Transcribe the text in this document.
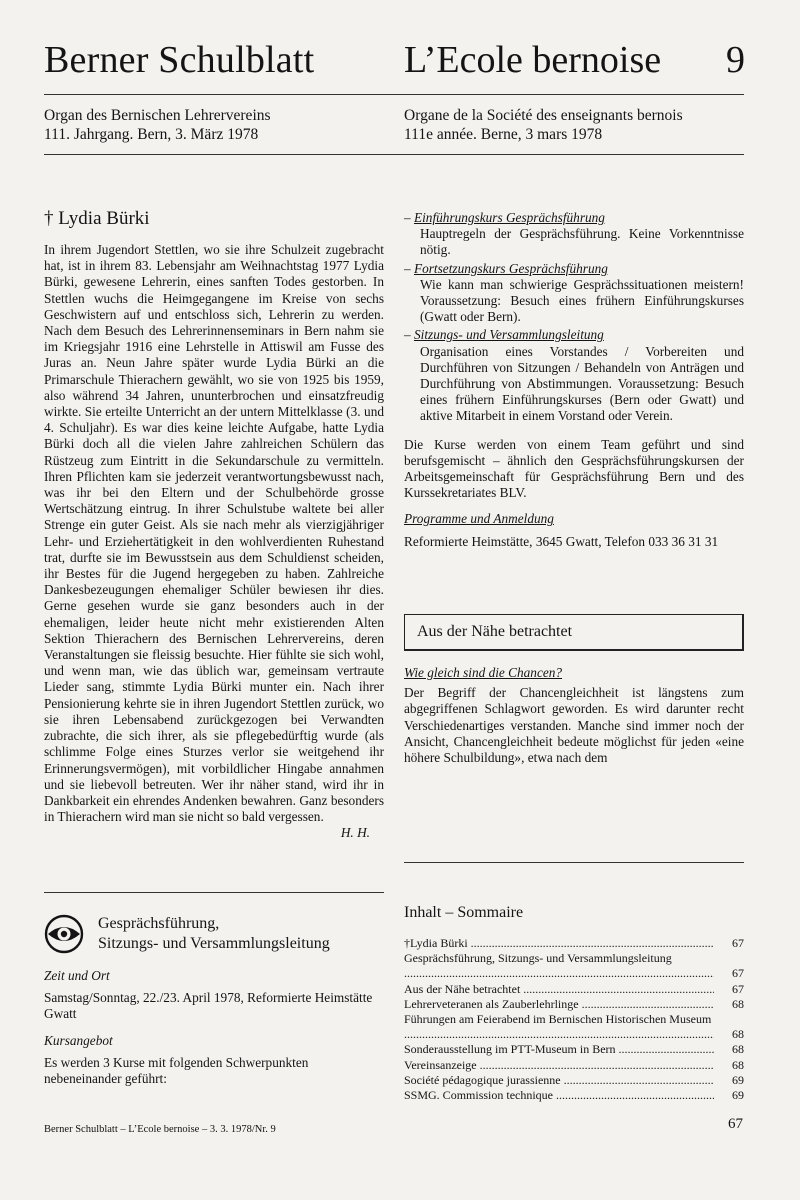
Berner Schulblatt L’Ecole bernoise 9
Organ des Bernischen Lehrervereins
111. Jahrgang. Bern, 3. März 1978
Organe de la Société des enseignants bernois
111e année. Berne, 3 mars 1978
† Lydia Bürki

In ihrem Jugendort Stettlen, wo sie ihre Schulzeit zugebracht hat, ist in ihrem 83. Lebensjahr am Weihnachtstag 1977 Lydia Bürki, gewesene Lehrerin, eines sanften Todes gestorben. In Stettlen wuchs die Heimgegangene im Kreise von sechs Geschwistern auf und entschloss sich, Lehrerin zu werden. Nach dem Besuch des Lehrerinnenseminars in Bern nahm sie im Kriegsjahr 1916 eine Lehrstelle in Attiswil am Fusse des Juras an. Neun Jahre später wurde Lydia Bürki an die Primarschule Thierachern gewählt, wo sie von 1925 bis 1959, also während 34 Jahren, ununterbrochen und einsatzfreudig wirkte. Sie erteilte Unterricht an der untern Mittelklasse (3. und 4. Schuljahr). Es war dies keine leichte Aufgabe, hatte Lydia Bürki doch all die vielen Jahre zahlreichen Schülern das Rüstzeug zum Eintritt in die Sekundarschule zu vermitteln. Ihren Pflichten kam sie jederzeit verantwortungsbewusst nach, was ihr bei den Eltern und der Schulbehörde grosse Wertschätzung eintrug. In ihrer Schulstube waltete bei aller Strenge ein guter Geist. Als sie nach mehr als vierzigjähriger Lehr- und Erziehertätigkeit in den wohlverdienten Ruhestand trat, durfte sie im Bewusstsein aus dem Schuldienst scheiden, ihr Bestes für die Jugend hergegeben zu haben. Zahlreiche Dankesbezeugungen ehemaliger Schüler bewiesen ihr dies. Gerne gesehen wurde sie ganz besonders auch in der ehemaligen, leider heute nicht mehr existierenden Alten Sektion Thierachern des Bernischen Lehrervereins, deren Veranstaltungen sie fleissig besuchte. Hier fühlte sie sich wohl, und wenn man, wie das üblich war, gemeinsam vertraute Lieder sang, stimmte Lydia Bürki munter ein. Nach ihrer Pensionierung kehrte sie in ihren Jugendort Stettlen zurück, wo sie ihren Lebensabend zurückgezogen bei Verwandten zubrachte, die sich ihrer, als sie pflegebedürftig wurde (als schlimme Folge eines Sturzes verlor sie weitgehend ihr Erinnerungsvermögen), mit vorbildlicher Hingabe annahmen und sie liebevoll betreuten. Wer ihr näher stand, wird ihr in Dankbarkeit ein ehrendes Andenken bewahren. Ganz besonders in Thierachern wird man sie nicht so bald vergessen.

H. H.
Gesprächsführung,
Sitzungs- und Versammlungsleitung
Zeit und Ort

Samstag/Sonntag, 22./23. April 1978, Reformierte Heimstätte Gwatt

Kursangebot

Es werden 3 Kurse mit folgenden Schwerpunkten nebeneinander geführt:

– Einführungskurs Gesprächsführung
Hauptregeln der Gesprächsführung. Keine Vorkenntnisse nötig.
– Fortsetzungskurs Gesprächsführung
Wie kann man schwierige Gesprächssituationen meistern! Voraussetzung: Besuch eines frühern Einführungskurses (Gwatt oder Bern).
– Sitzungs- und Versammlungsleitung
Organisation eines Vorstandes / Vorbereiten und Durchführen von Sitzungen / Behandeln von Anträgen und Durchführung von Abstimmungen. Voraussetzung: Besuch eines frühern Einführungskurses (Bern oder Gwatt) und aktive Mitarbeit in einem Vorstand oder Verein.

Die Kurse werden von einem Team geführt und sind berufsgemischt – ähnlich den Gesprächsführungskursen der Arbeitsgemeinschaft für Gesprächsführung Bern und des Kurssekretariates BLV.

Programme und Anmeldung

Reformierte Heimstätte, 3645 Gwatt, Telefon 033 36 31 31

Aus der Nähe betrachtet
Wie gleich sind die Chancen?

Der Begriff der Chancengleichheit ist längstens zum abgegriffenen Schlagwort geworden. Es wird darunter recht Verschiedenartiges verstanden. Manche sind immer noch der Ansicht, Chancengleichheit bedeute möglichst für jeden «eine höhere Schulbildung», etwa nach dem

Inhalt – Sommaire
†Lydia Bürki .....	67
Gesprächsführung, Sitzungs- und Versammlungsleitung .....
67
Aus der Nähe betrachtet .....	67
Lehrerveteranen als Zauberlehrlinge .....	68
Führungen am Feierabend im Bernischen Historischen Museum .....
68
Sonderausstellung im PTT-Museum in Bern .....	68
Vereinsanzeige .....	68
Société pédagogique jurassienne .....	69
SSMG. Commission technique .....	69
Berner Schulblatt – L’Ecole bernoise – 3. 3. 1978/Nr. 9	67
